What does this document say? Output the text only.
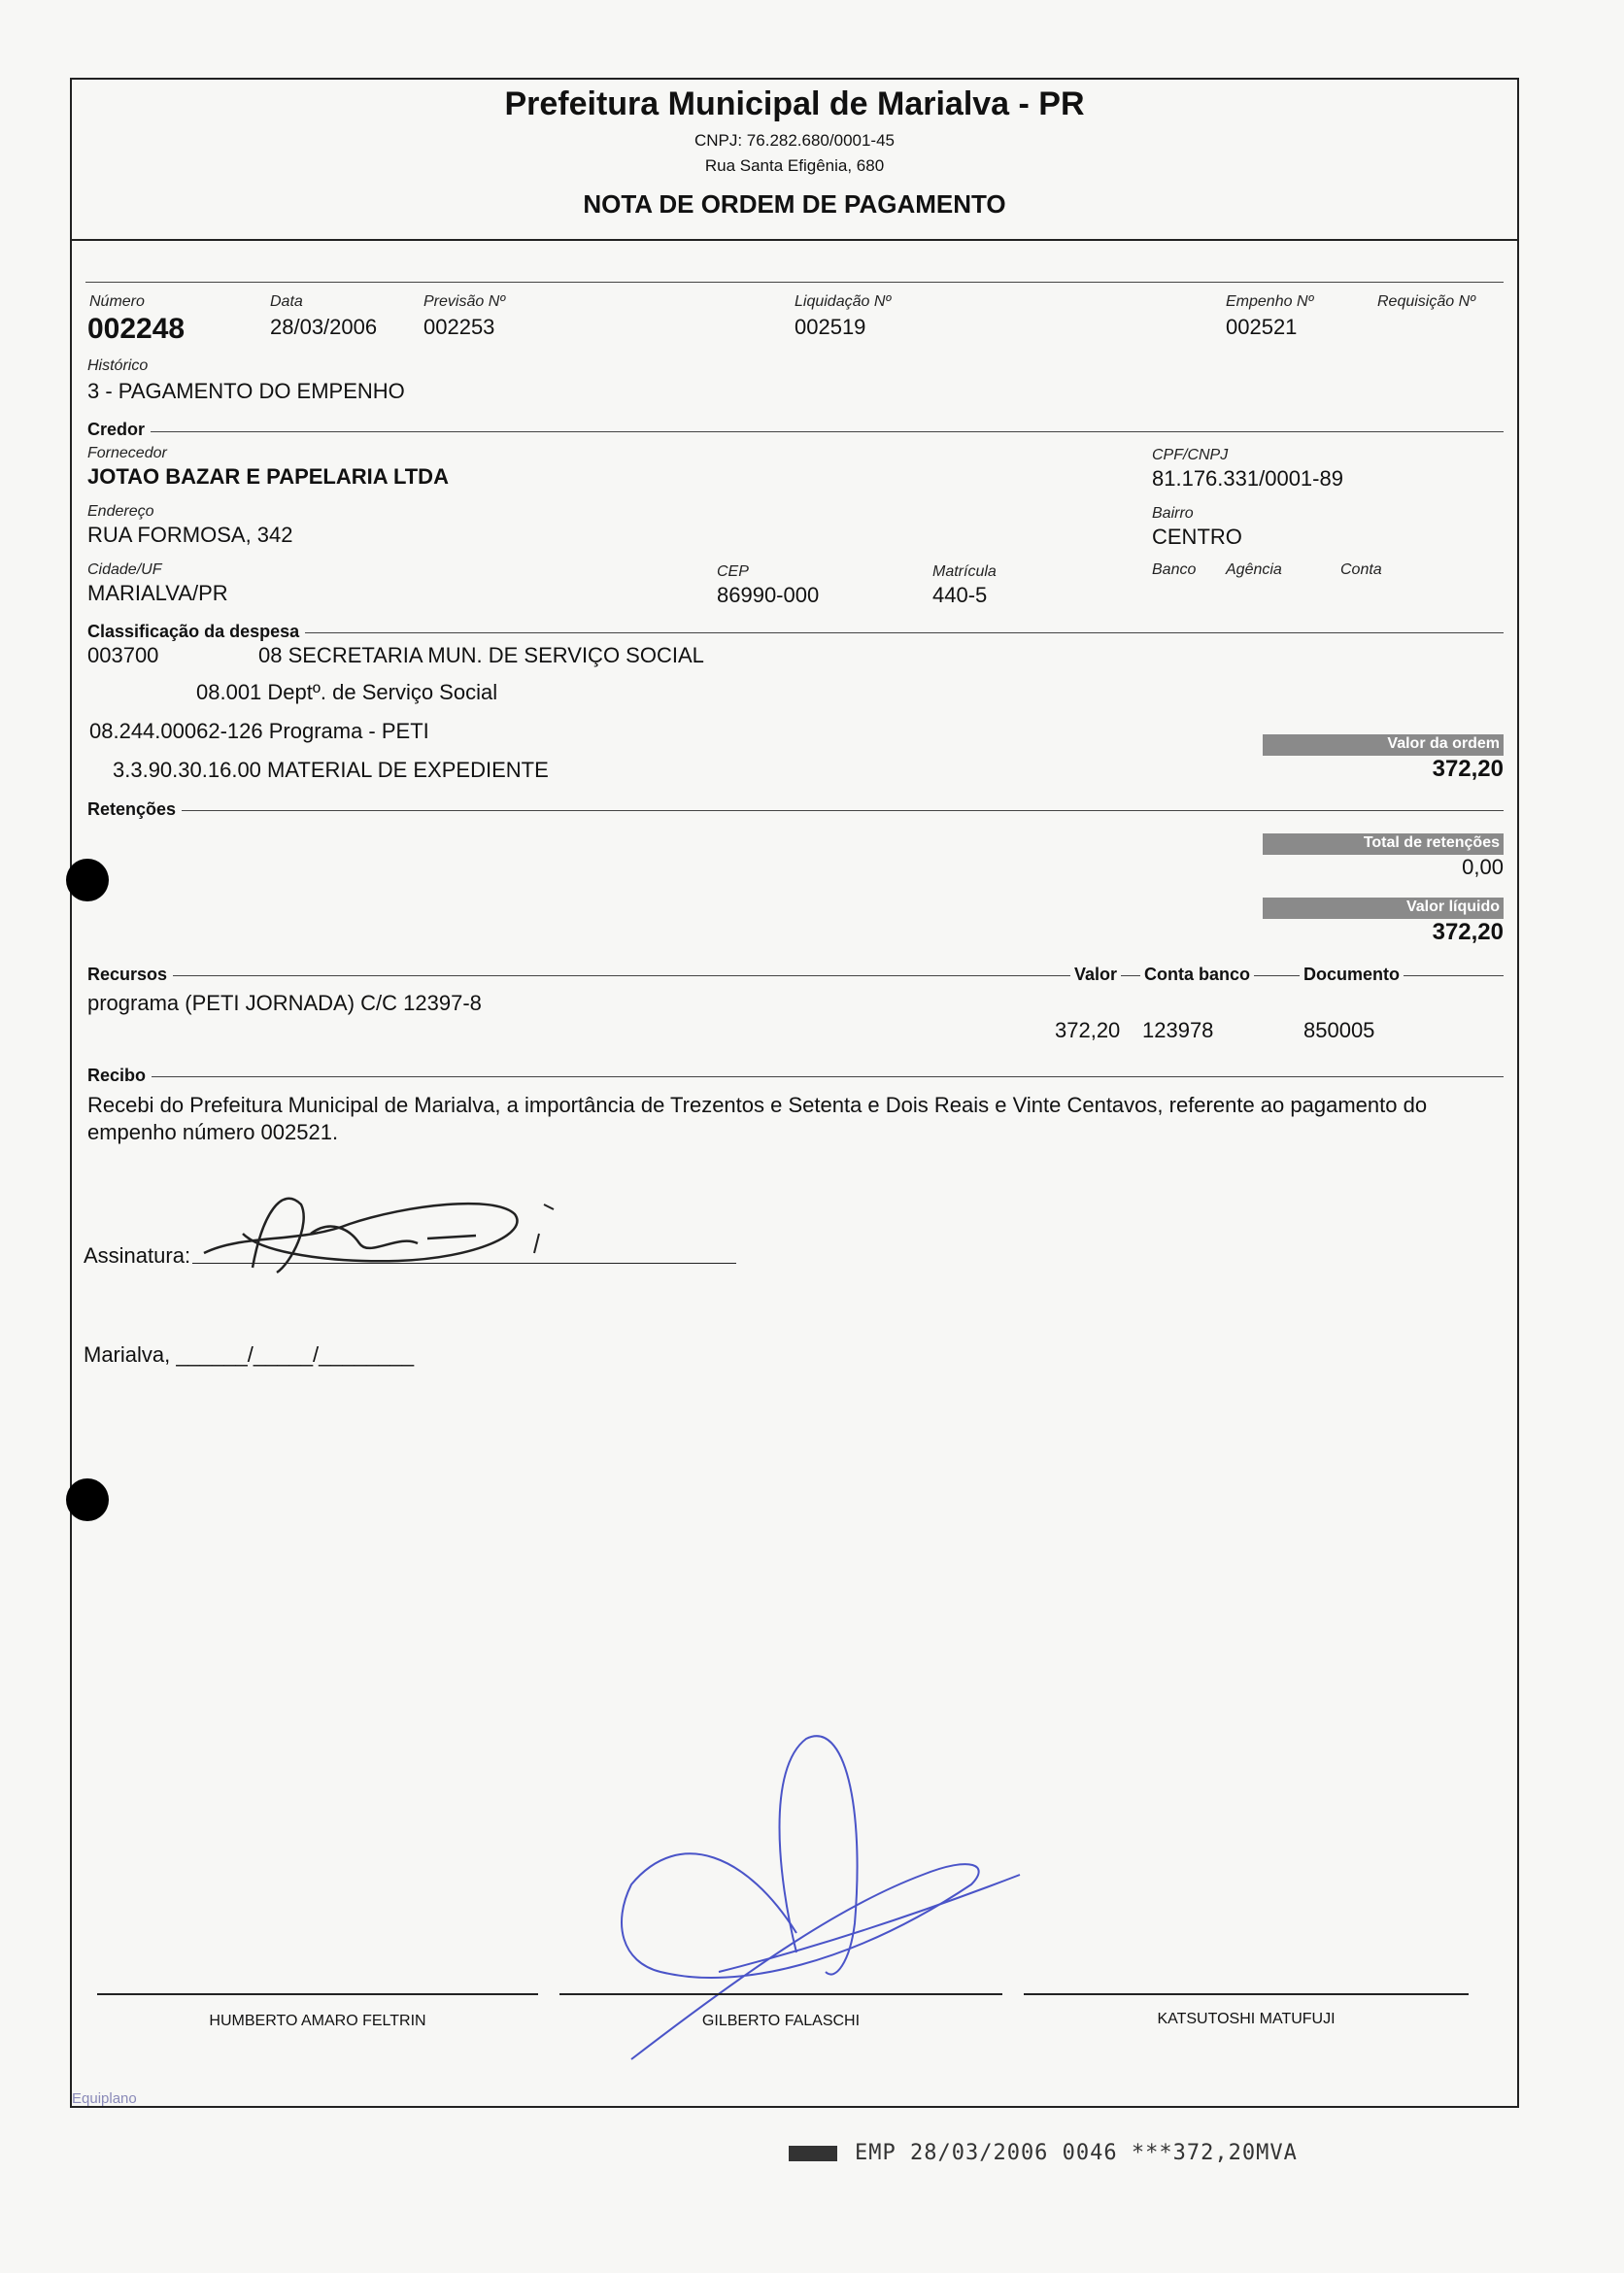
Prefeitura Municipal de Marialva - PR
CNPJ: 76.282.680/0001-45
Rua Santa Efigênia, 680
NOTA DE ORDEM DE PAGAMENTO
Número
002248
Data
28/03/2006
Previsão Nº
002253
Liquidação Nº
002519
Empenho Nº
002521
Requisição Nº
Histórico
3 - PAGAMENTO DO EMPENHO
Credor
Fornecedor
JOTAO BAZAR E PAPELARIA LTDA
CPF/CNPJ
81.176.331/0001-89
Endereço
RUA FORMOSA, 342
Bairro
CENTRO
Cidade/UF
MARIALVA/PR
CEP
86990-000
Matrícula
440-5
Banco Agência	Conta
Classificação da despesa
003700	08 SECRETARIA MUN. DE SERVIÇO SOCIAL
08.001 Deptº. de Serviço Social
08.244.00062-126 Programa - PETI
3.3.90.30.16.00 MATERIAL DE EXPEDIENTE
Valor da ordem
372,20
Retenções
Total de retenções
0,00
Valor líquido
372,20
Recursos	Valor Conta banco	Documento
programa (PETI JORNADA) C/C 12397-8
372,20 123978	850005
Recibo
Recebi do Prefeitura Municipal de Marialva, a importância de Trezentos e Setenta e Dois Reais e Vinte Centavos, referente ao pagamento do empenho número 002521.
Assinatura:
Marialva, ______/_____/________
HUMBERTO AMARO FELTRIN	GILBERTO FALASCHI	KATSUTOSHI MATUFUJI
Equiplano
EMP 28/03/2006 0046 ***372,20MVA
